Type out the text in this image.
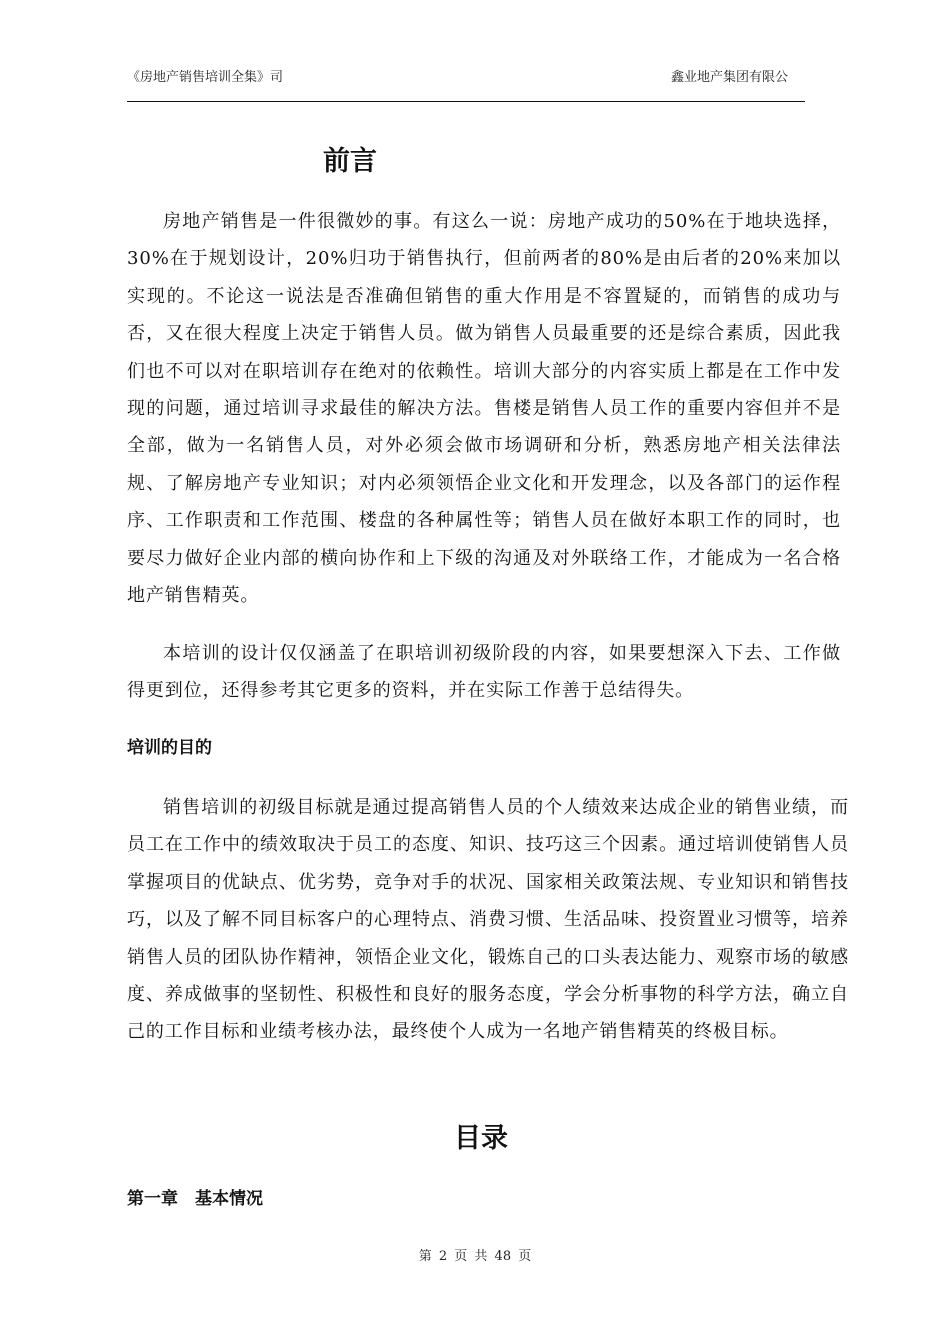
《房地产销售培训全集》司	鑫业地产集团有限公
前言
房地产销售是一件很微妙的事。有这么一说：房地产成功的50%在于地块选择，30%在于规划设计，20%归功于销售执行，但前两者的80%是由后者的20%来加以实现的。不论这一说法是否准确但销售的重大作用是不容置疑的，而销售的成功与否，又在很大程度上决定于销售人员。做为销售人员最重要的还是综合素质，因此我们也不可以对在职培训存在绝对的依赖性。培训大部分的内容实质上都是在工作中发现的问题，通过培训寻求最佳的解决方法。售楼是销售人员工作的重要内容但并不是全部，做为一名销售人员，对外必须会做市场调研和分析，熟悉房地产相关法律法规、了解房地产专业知识；对内必须领悟企业文化和开发理念，以及各部门的运作程序、工作职责和工作范围、楼盘的各种属性等；销售人员在做好本职工作的同时，也要尽力做好企业内部的横向协作和上下级的沟通及对外联络工作，才能成为一名合格地产销售精英。
本培训的设计仅仅涵盖了在职培训初级阶段的内容，如果要想深入下去、工作做得更到位，还得参考其它更多的资料，并在实际工作善于总结得失。
培训的目的
销售培训的初级目标就是通过提高销售人员的个人绩效来达成企业的销售业绩，而员工在工作中的绩效取决于员工的态度、知识、技巧这三个因素。通过培训使销售人员掌握项目的优缺点、优劣势，竞争对手的状况、国家相关政策法规、专业知识和销售技巧，以及了解不同目标客户的心理特点、消费习惯、生活品味、投资置业习惯等，培养销售人员的团队协作精神，领悟企业文化，锻炼自己的口头表达能力、观察市场的敏感度、养成做事的坚韧性、积极性和良好的服务态度，学会分析事物的科学方法，确立自己的工作目标和业绩考核办法，最终使个人成为一名地产销售精英的终极目标。
目录
第一章　基本情况
第 2 页 共 48 页
